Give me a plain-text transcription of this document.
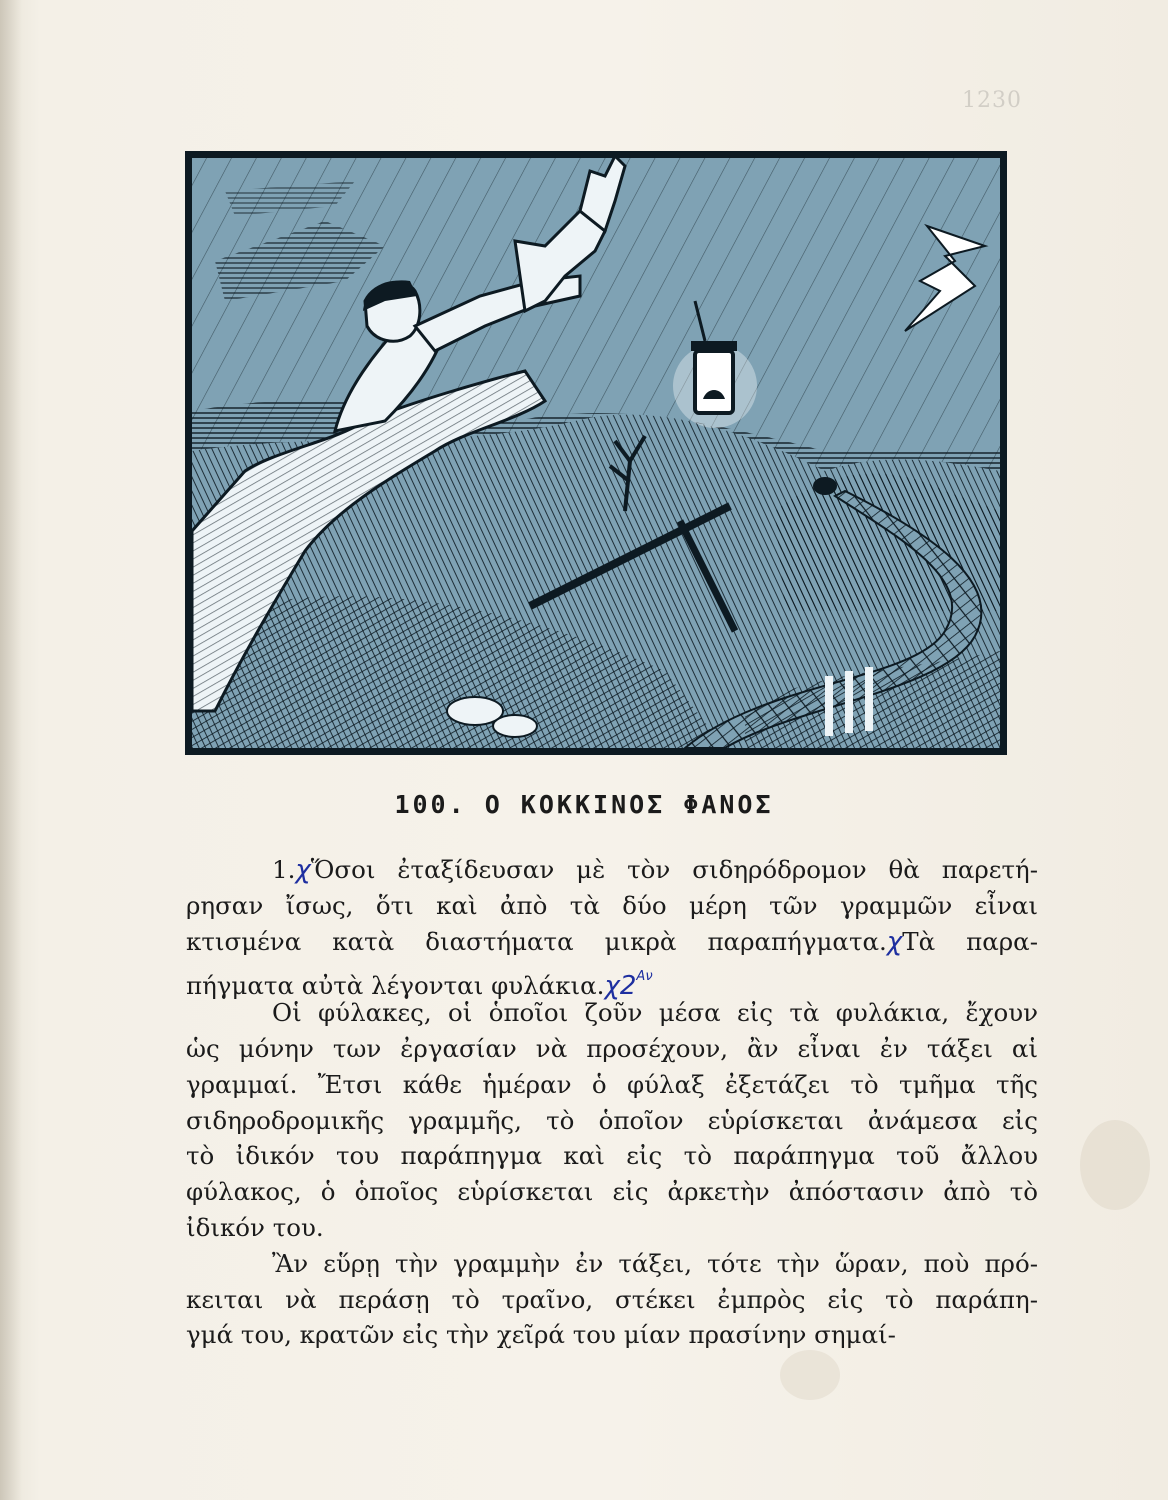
1230
100. Ο ΚΟΚΚΙΝΟΣ ΦΑΝΟΣ
1.χὍσοι ἐταξίδευσαν μὲ τὸν σιδηρόδρομον θὰ παρετή-
ρησαν ἴσως, ὅτι καὶ ἀπὸ τὰ δύο μέρη τῶν γραμμῶν εἶναι
κτισμένα κατὰ διαστήματα μικρὰ παραπήγματα.χΤὰ παρα-
πήγματα αὐτὰ λέγονται $\varphi\upsilon\lambda ά\kappa\iota\alpha.\chi 2^{A\nu}$
Οἱ φύλακες, οἱ ὁποῖοι ζοῦν μέσα εἰς τὰ φυλάκια, ἔχουν
ὡς μόνην των ἐργασίαν νὰ προσέχουν, ἂν εἶναι ἐν τάξει αἱ
γραμμαί. Ἔτσι κάθε ἡμέραν ὁ φύλαξ ἐξετάζει τὸ τμῆμα τῆς
σιδηροδρομικῆς γραμμῆς, τὸ ὁποῖον εὑρίσκεται ἀνάμεσα εἰς
τὸ ἰδικόν του παράπηγμα καὶ εἰς τὸ παράπηγμα τοῦ ἄλλου
φύλακος, ὁ ὁποῖος εὑρίσκεται εἰς ἀρκετὴν ἀπόστασιν ἀπὸ τὸ
ἰδικόν του.
Ἂν εὕρῃ τὴν γραμμὴν ἐν τάξει, τότε τὴν ὥραν, ποὺ πρό-
κειται νὰ περάσῃ τὸ τραῖνο, στέκει ἐμπρὸς εἰς τὸ παράπη-
γμά του, κρατῶν εἰς τὴν χεῖρά του μίαν πρασίνην σημαί-
